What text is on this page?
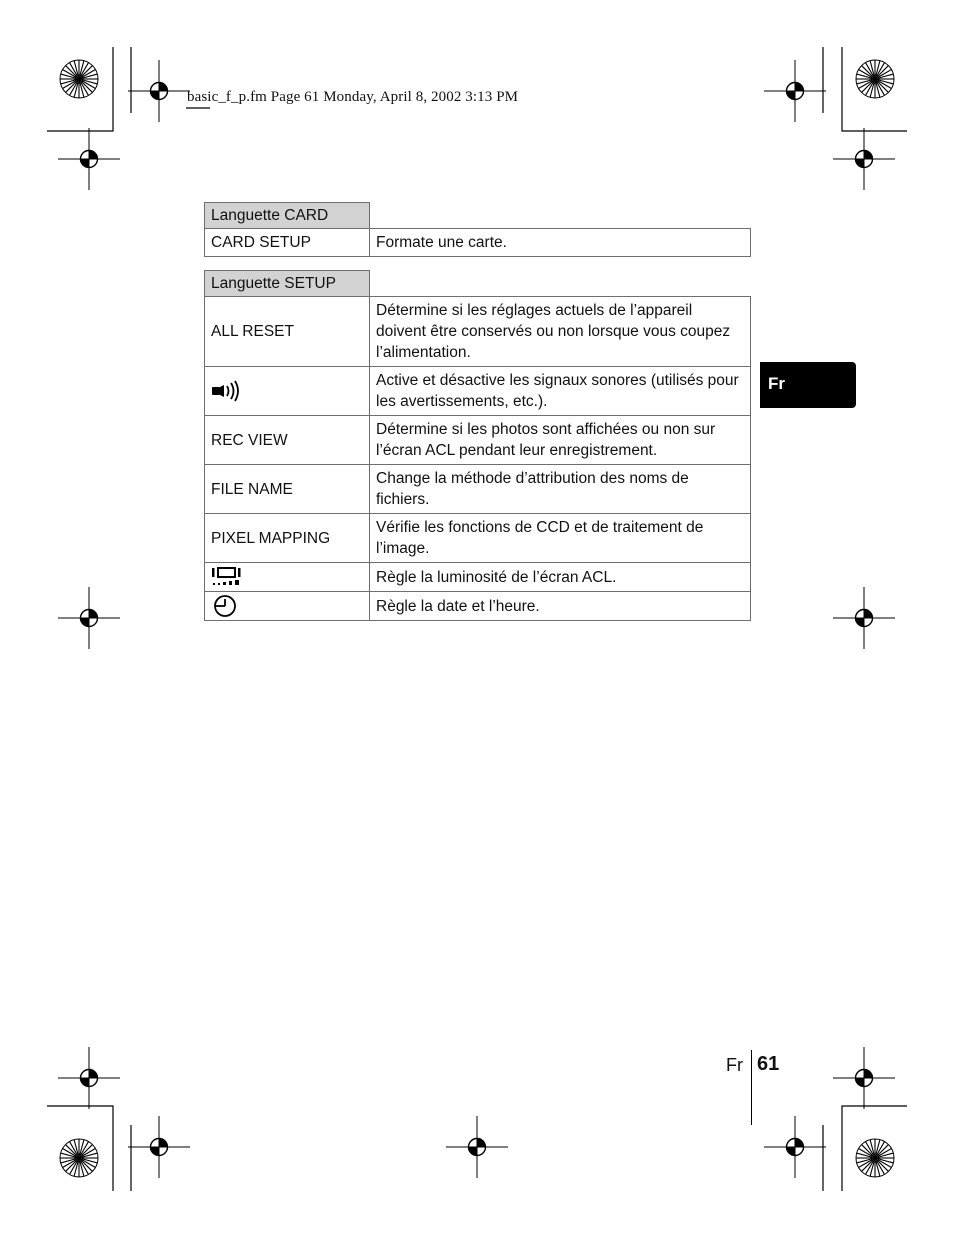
basic_f_p.fm Page 61 Monday, April 8, 2002 3:13 PM
Languette CARD	
CARD SETUP	Formate une carte.
Languette SETUP	
ALL RESET	Détermine si les réglages actuels de l’appareil doivent être conservés ou non lorsque vous coupez l’alimentation.
	Active et désactive les signaux sonores (utilisés pour les avertissements, etc.).
REC VIEW	Détermine si les photos sont affichées ou non sur l’écran ACL pendant leur enregistrement.
FILE NAME	Change la méthode d’attribution des noms de fichiers.
PIXEL MAPPING	Vérifie les fonctions de CCD et de traitement de l’image.
	Règle la luminosité de l’écran ACL.
	Règle la date et l’heure.
Fr
Fr 61
